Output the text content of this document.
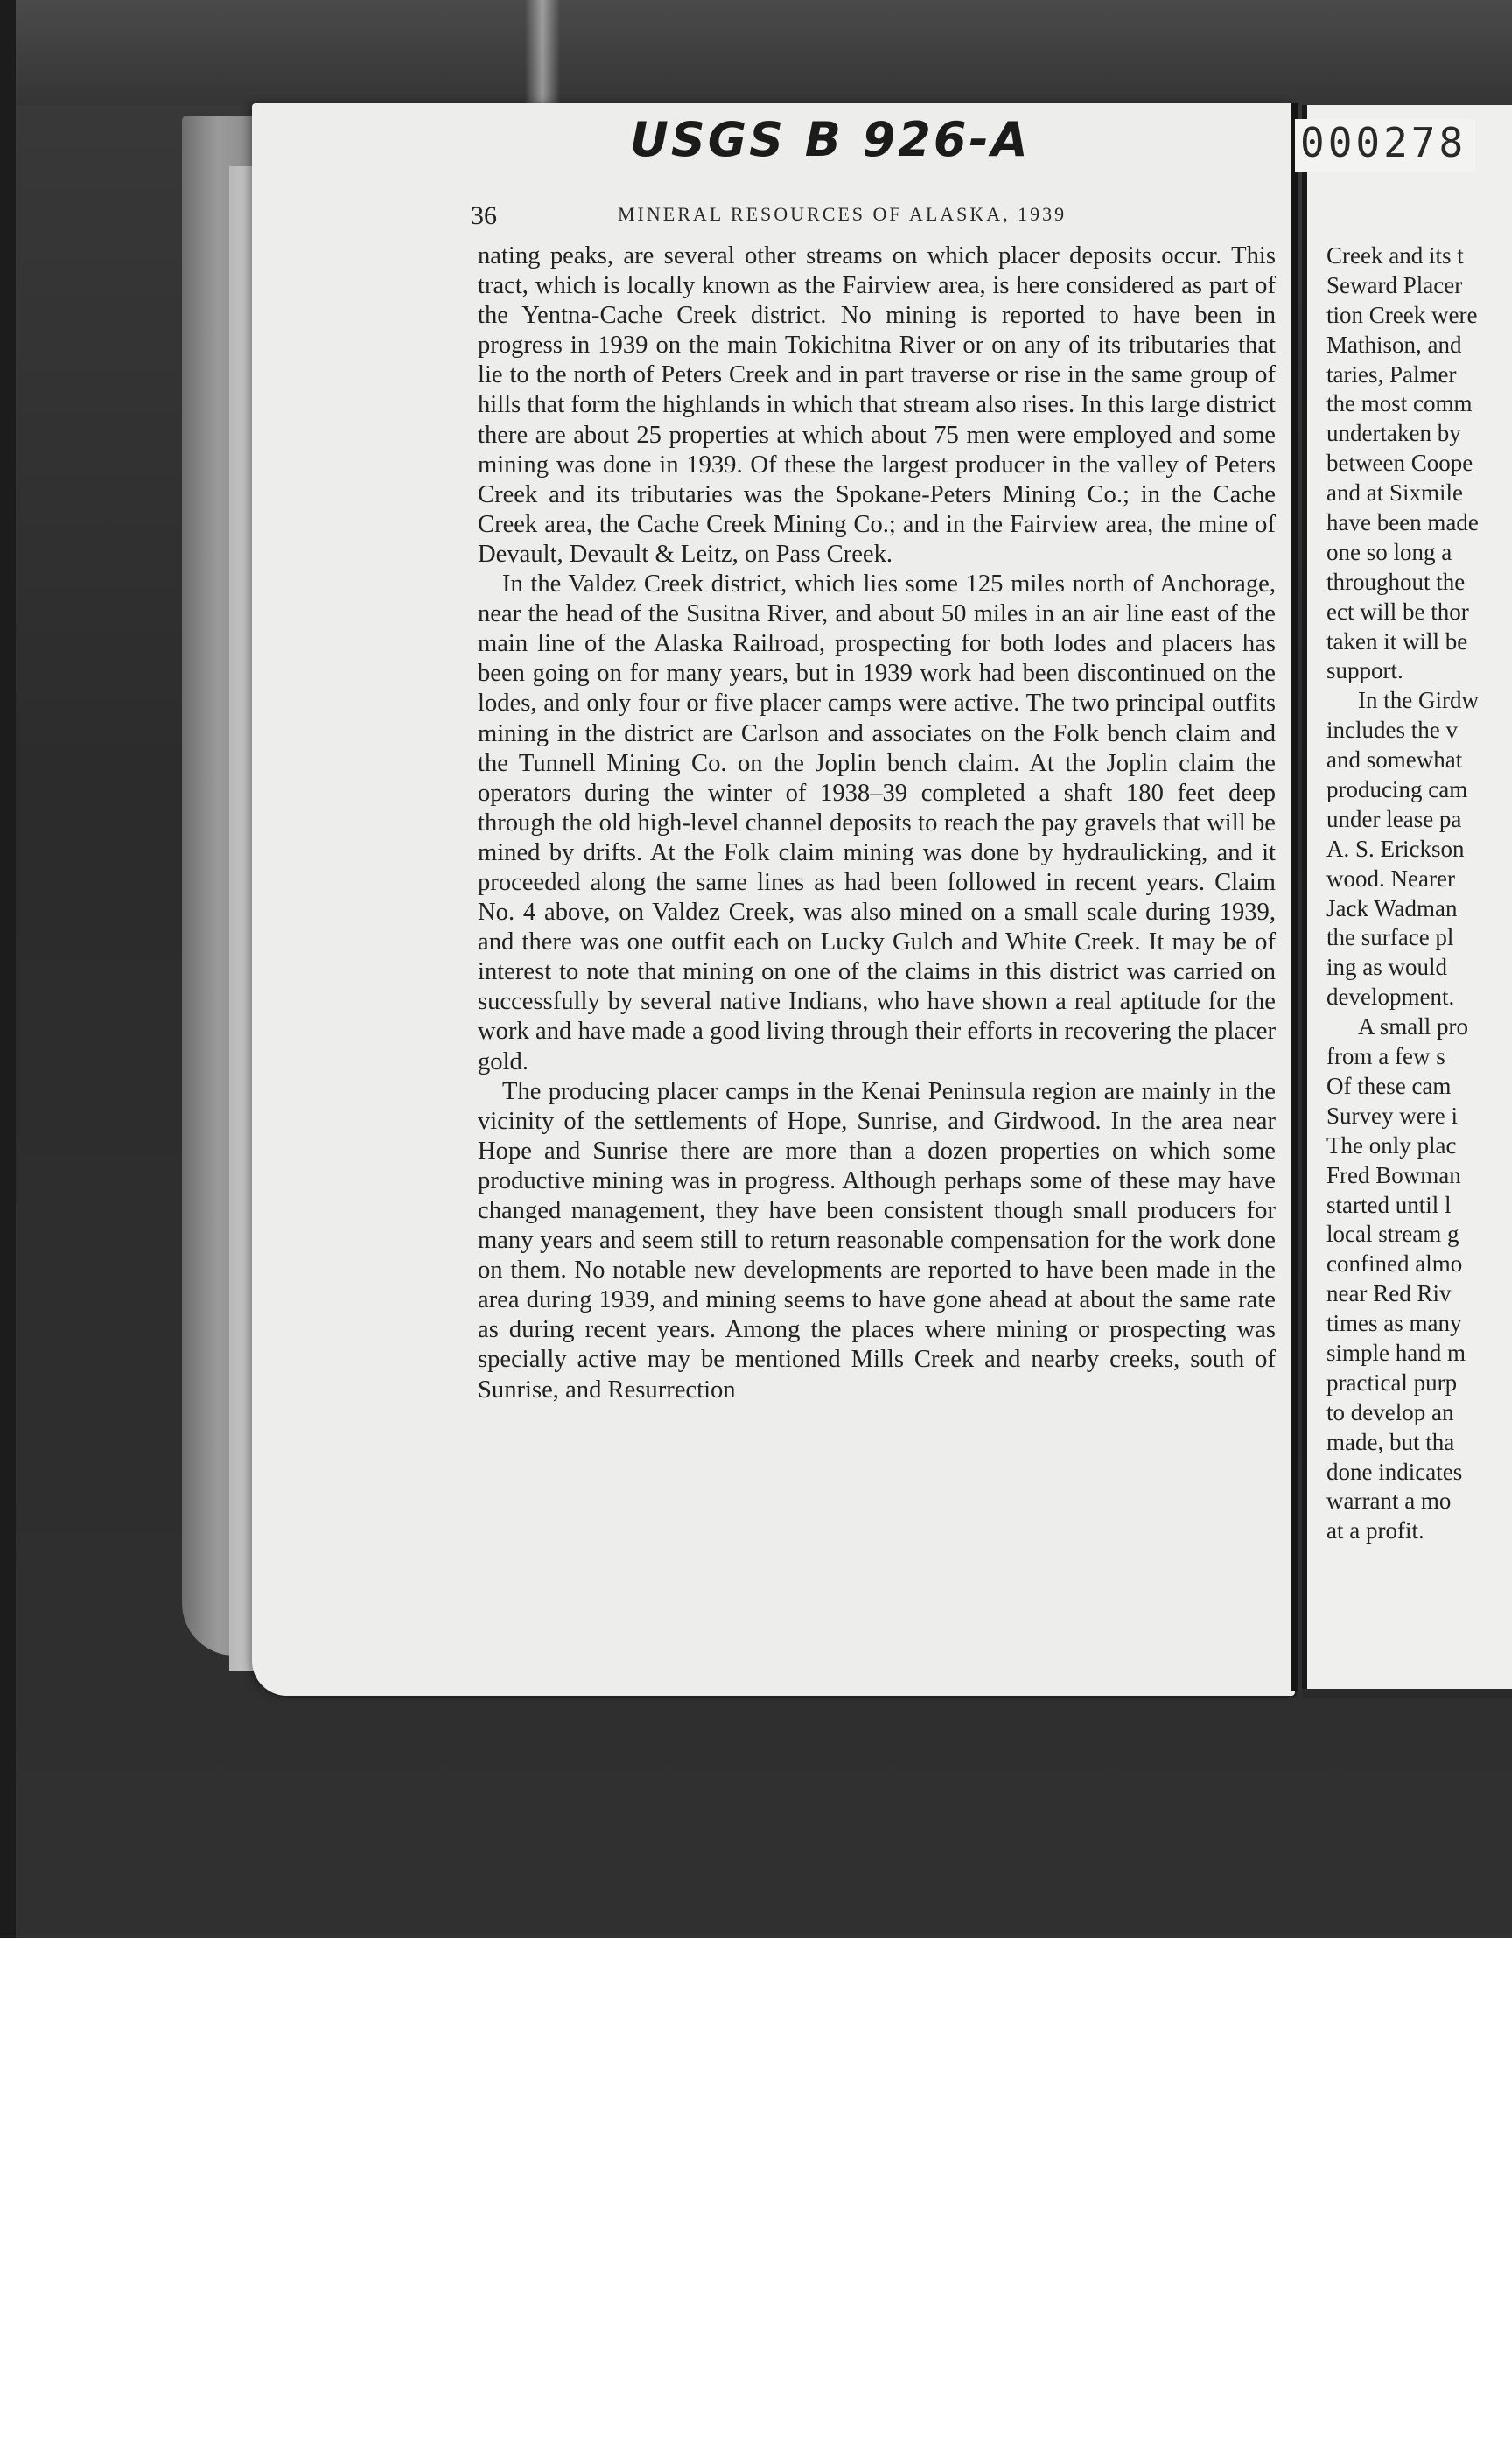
USGS B 926-A	000278
36	MINERAL RESOURCES OF ALASKA, 1939

nating peaks, are several other streams on which placer deposits occur. This tract, which is locally known as the Fairview area, is here considered as part of the Yentna-Cache Creek district. No mining is reported to have been in progress in 1939 on the main Tokichitna River or on any of its tributaries that lie to the north of Peters Creek and in part traverse or rise in the same group of hills that form the highlands in which that stream also rises. In this large district there are about 25 properties at which about 75 men were employed and some mining was done in 1939. Of these the largest producer in the valley of Peters Creek and its tributaries was the Spokane-Peters Mining Co.; in the Cache Creek area, the Cache Creek Mining Co.; and in the Fairview area, the mine of Devault, Devault & Leitz, on Pass Creek.

In the Valdez Creek district, which lies some 125 miles north of Anchorage, near the head of the Susitna River, and about 50 miles in an air line east of the main line of the Alaska Railroad, prospecting for both lodes and placers has been going on for many years, but in 1939 work had been discontinued on the lodes, and only four or five placer camps were active. The two principal outfits mining in the district are Carlson and associates on the Folk bench claim and the Tunnell Mining Co. on the Joplin bench claim. At the Joplin claim the operators during the winter of 1938–39 completed a shaft 180 feet deep through the old high-level channel deposits to reach the pay gravels that will be mined by drifts. At the Folk claim mining was done by hydraulicking, and it proceeded along the same lines as had been followed in recent years. Claim No. 4 above, on Valdez Creek, was also mined on a small scale during 1939, and there was one outfit each on Lucky Gulch and White Creek. It may be of interest to note that mining on one of the claims in this district was carried on successfully by several native Indians, who have shown a real aptitude for the work and have made a good living through their efforts in recovering the placer gold.

The producing placer camps in the Kenai Peninsula region are mainly in the vicinity of the settlements of Hope, Sunrise, and Girdwood. In the area near Hope and Sunrise there are more than a dozen properties on which some productive mining was in progress. Although perhaps some of these may have changed management, they have been consistent though small producers for many years and seem still to return reasonable compensation for the work done on them. No notable new developments are reported to have been made in the area during 1939, and mining seems to have gone ahead at about the same rate as during recent years. Among the places where mining or prospecting was specially active may be mentioned Mills Creek and nearby creeks, south of Sunrise, and Resurrection

Creek and its t
Seward Placer
tion Creek were
Mathison, and
taries, Palmer
the most comm
undertaken by
between Coope
and at Sixmile
have been made
one so long a
throughout the
ect will be thor
taken it will be
support.
In the Girdw
includes the v
and somewhat
producing cam
under lease pa
A. S. Erickson
wood. Nearer
Jack Wadman
the surface pl
ing as would
development.
A small pro
from a few s
Of these cam
Survey were i
The only plac
Fred Bowman
started until l
local stream g
confined almo
near Red Riv
times as many
simple hand m
practical purp
to develop an
made, but tha
done indicates
warrant a mo
at a profit.
